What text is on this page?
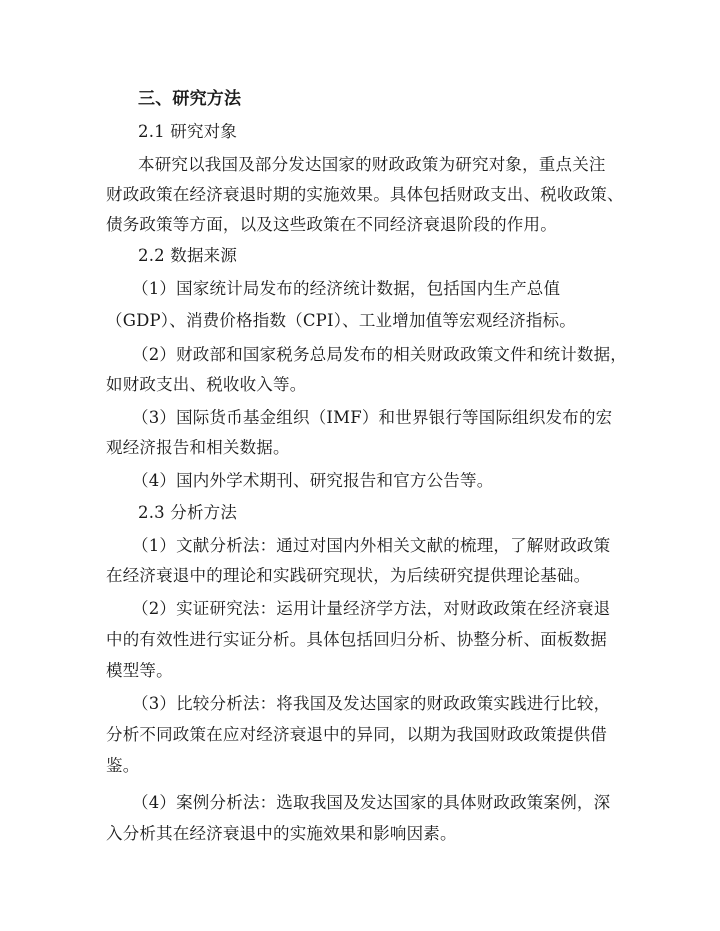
三、研究方法
2.1 研究对象
本研究以我国及部分发达国家的财政政策为研究对象，重点关注
财政政策在经济衰退时期的实施效果。具体包括财政支出、税收政策、
债务政策等方面，以及这些政策在不同经济衰退阶段的作用。
2.2 数据来源
（1）国家统计局发布的经济统计数据，包括国内生产总值
（GDP）、消费价格指数（CPI）、工业增加值等宏观经济指标。
（2）财政部和国家税务总局发布的相关财政政策文件和统计数据，
如财政支出、税收收入等。
（3）国际货币基金组织（IMF）和世界银行等国际组织发布的宏
观经济报告和相关数据。
（4）国内外学术期刊、研究报告和官方公告等。
2.3 分析方法
（1）文献分析法：通过对国内外相关文献的梳理，了解财政政策
在经济衰退中的理论和实践研究现状，为后续研究提供理论基础。
（2）实证研究法：运用计量经济学方法，对财政政策在经济衰退
中的有效性进行实证分析。具体包括回归分析、协整分析、面板数据
模型等。
（3）比较分析法：将我国及发达国家的财政政策实践进行比较，
分析不同政策在应对经济衰退中的异同，以期为我国财政政策提供借
鉴。
（4）案例分析法：选取我国及发达国家的具体财政政策案例，深
入分析其在经济衰退中的实施效果和影响因素。
